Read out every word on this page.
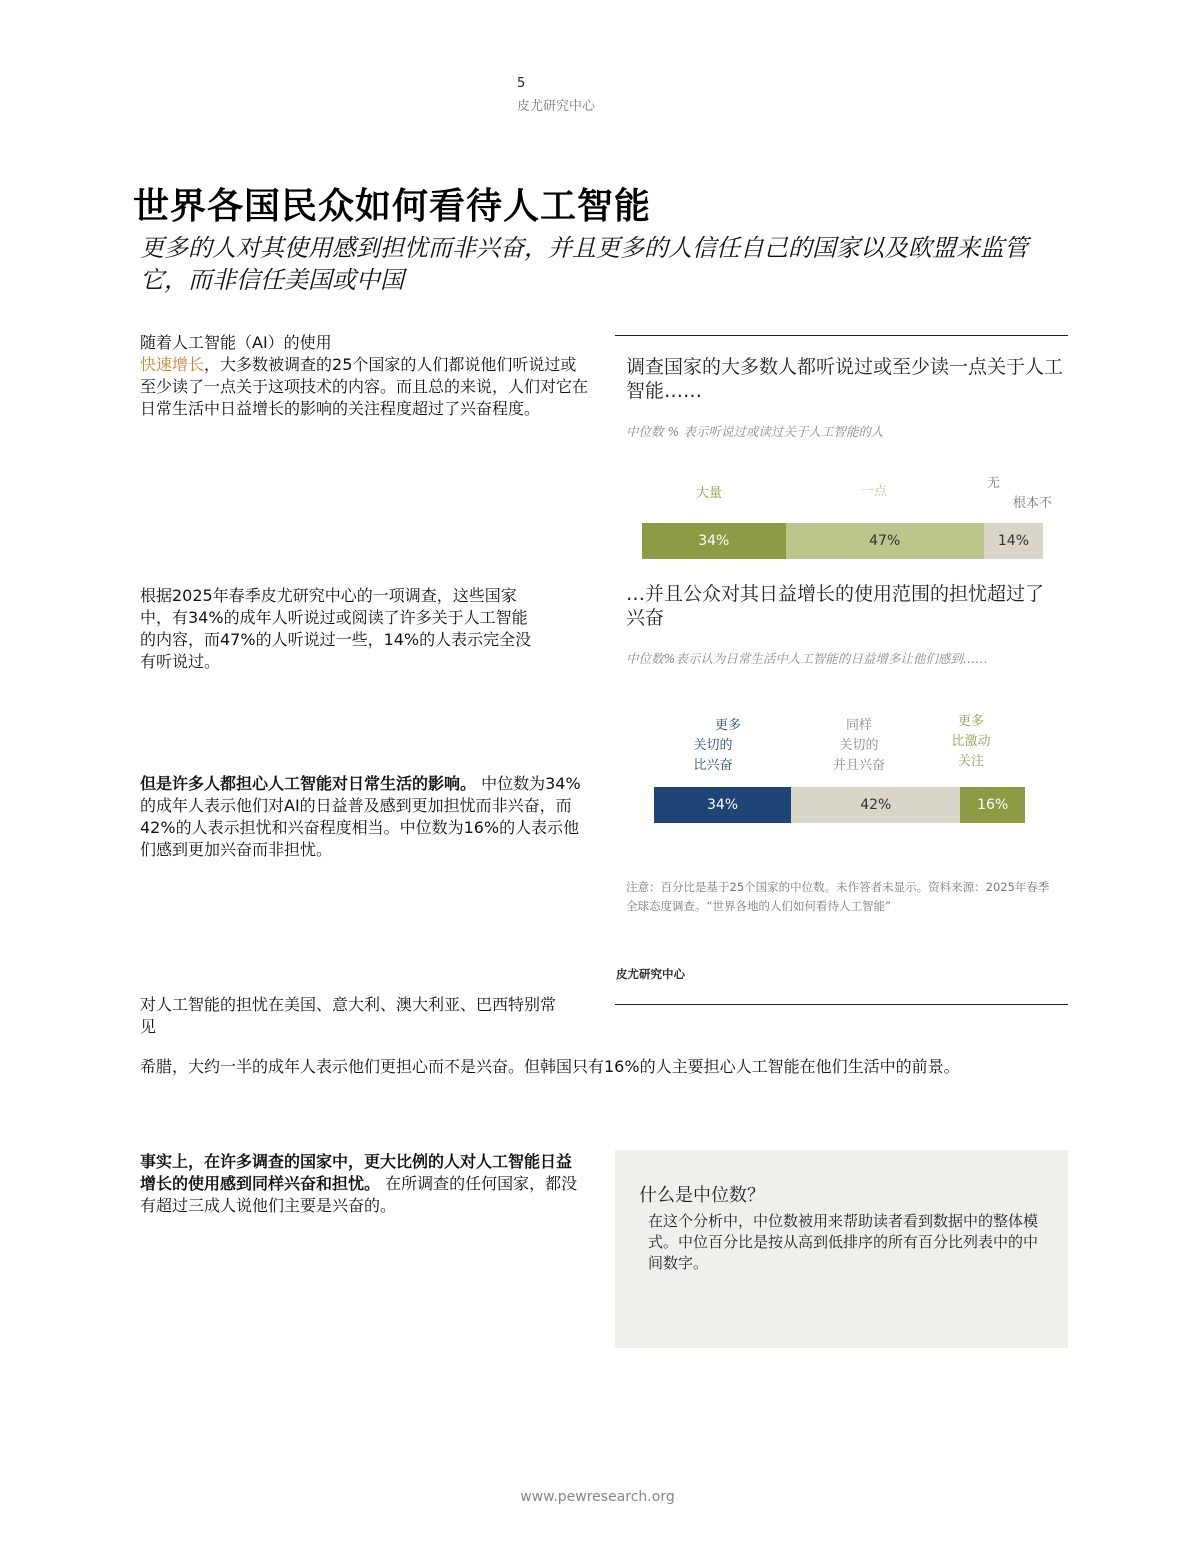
5
皮尤研究中心
世界各国民众如何看待人工智能
更多的人对其使用感到担忧而非兴奋，并且更多的人信任自己的国家以及欧盟来监管它，而非信任美国或中国
随着人工智能（AI）的使用
快速增长，大多数被调查的25个国家的人们都说他们听说过或至少读了一点关于这项技术的内容。而且总的来说，人们对它在日常生活中日益增长的影响的关注程度超过了兴奋程度。
根据2025年春季皮尤研究中心的一项调查，这些国家中，有34%的成年人听说过或阅读了许多关于人工智能的内容，而47%的人听说过一些，14%的人表示完全没有听说过。
但是许多人都担心人工智能对日常生活的影响。 中位数为34%的成年人表示他们对AI的日益普及感到更加担忧而非兴奋，而42%的人表示担忧和兴奋程度相当。中位数为16%的人表示他们感到更加兴奋而非担忧。
对人工智能的担忧在美国、意大利、澳大利亚、巴西特别常见
希腊，大约一半的成年人表示他们更担心而不是兴奋。但韩国只有16%的人主要担心人工智能在他们生活中的前景。
事实上，在许多调查的国家中，更大比例的人对人工智能日益增长的使用感到同样兴奋和担忧。 在所调查的任何国家，都没有超过三成人说他们主要是兴奋的。
调查国家的大多数人都听说过或至少读一点关于人工智能……
中位数 % 表示听说过或读过关于人工智能的人
大量	一点
无
根本不
34%	47%	14%
…并且公众对其日益增长的使用范围的担忧超过了兴奋
中位数%表示认为日常生活中人工智能的日益增多让他们感到……
更多
关切的
比兴奋
同样
关切的
并且兴奋
更多
比激动
关注
34%	42%	16%
注意：百分比是基于25个国家的中位数。未作答者未显示。资料来源：2025年春季全球态度调查。“世界各地的人们如何看待人工智能”
皮尤研究中心
什么是中位数？
在这个分析中，中位数被用来帮助读者看到数据中的整体模式。中位百分比是按从高到低排序的所有百分比列表中的中间数字。
www.pewresearch.org
